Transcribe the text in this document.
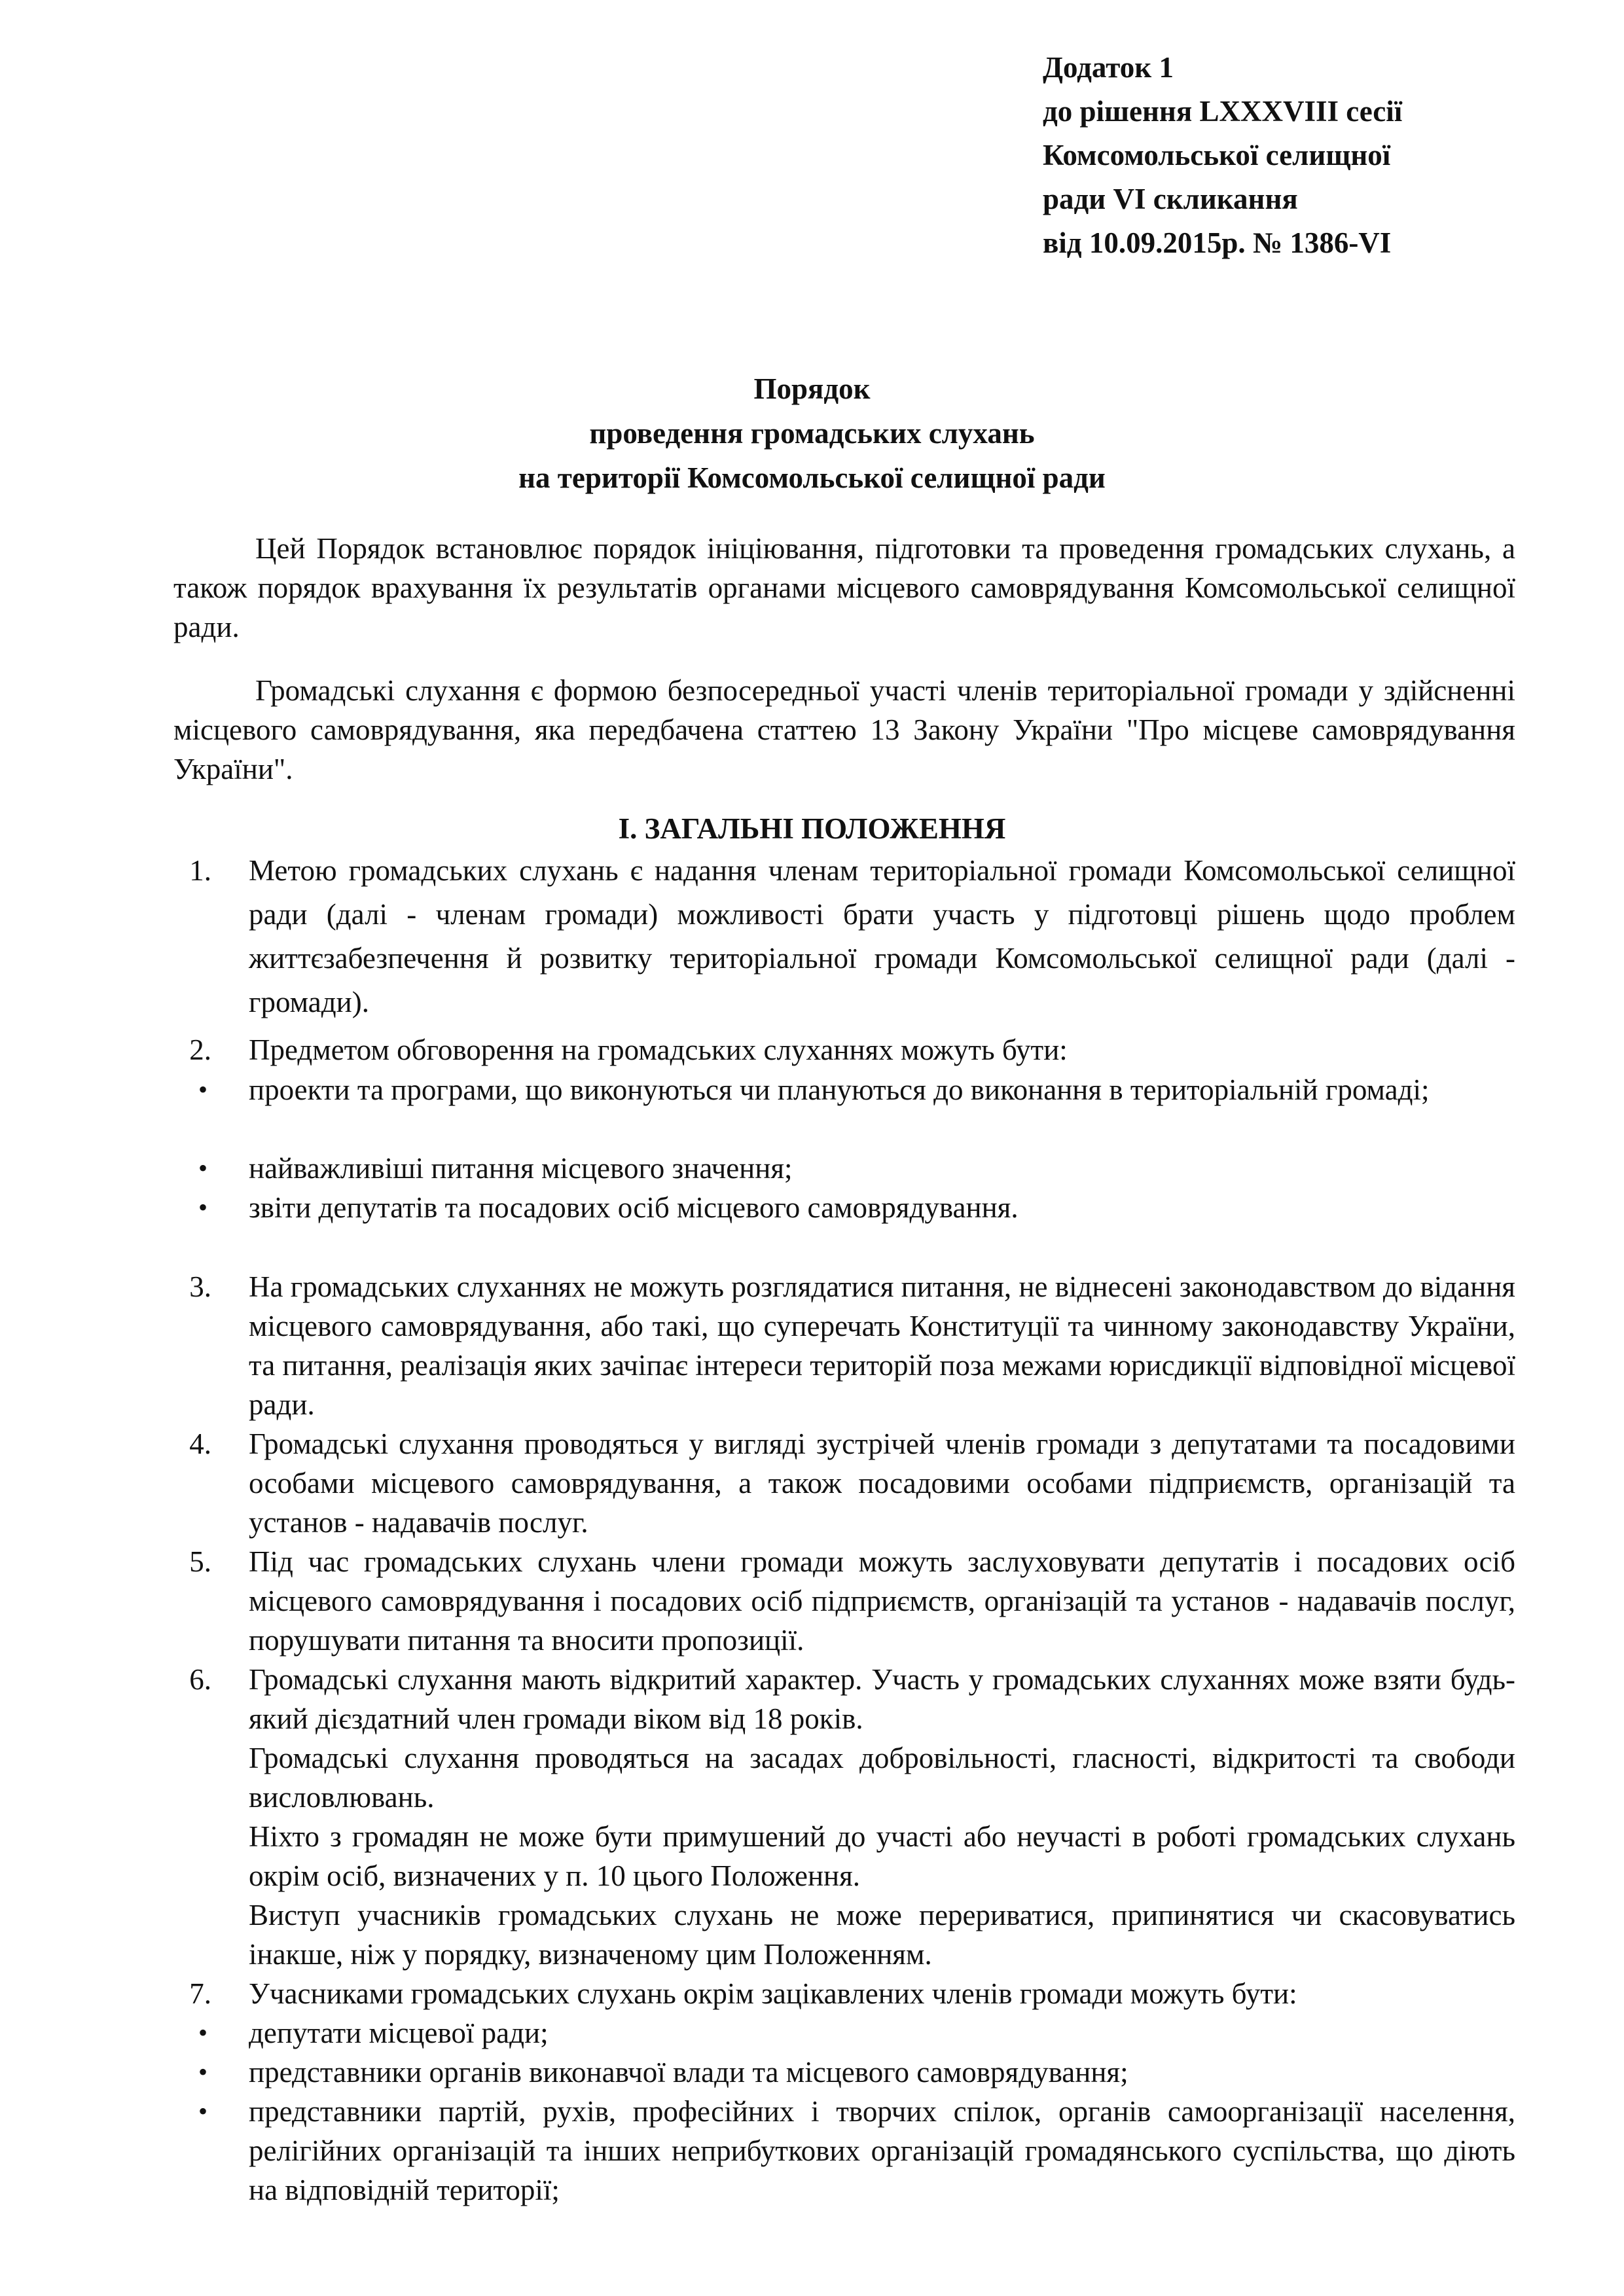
Додаток 1
до рішення LXXXVIII сесії
Комсомольської селищної
ради VI скликання
від 10.09.2015р. № 1386-VI
Порядок
проведення громадських слухань
на території Комсомольської селищної ради

Цей Порядок встановлює порядок ініціювання, підготовки та проведення громадських слухань, а також порядок врахування їх результатів органами місцевого самоврядування Комсомольської селищної ради.

Громадські слухання є формою безпосередньої участі членів територіальної громади у здійсненні місцевого самоврядування, яка передбачена статтею 13 Закону України "Про місцеве самоврядування України".

І. ЗАГАЛЬНІ ПОЛОЖЕННЯ
1. Метою громадських слухань є надання членам територіальної громади Комсомольської селищної ради (далі - членам громади) можливості брати участь у підготовці рішень щодо проблем життєзабезпечення й розвитку територіальної громади Комсомольської селищної ради (далі - громади).
2. Предметом обговорення на громадських слуханнях можуть бути:
• проекти та програми, що виконуються чи плануються до виконання в територіальній громаді;
• найважливіші питання місцевого значення;
• звіти депутатів та посадових осіб місцевого самоврядування.
3. На громадських слуханнях не можуть розглядатися питання, не віднесені законодавством до відання місцевого самоврядування, або такі, що суперечать Конституції та чинному законодавству України, та питання, реалізація яких зачіпає інтереси територій поза межами юрисдикції відповідної місцевої ради.
4. Громадські слухання проводяться у вигляді зустрічей членів громади з депутатами та посадовими особами місцевого самоврядування, а також посадовими особами підприємств, організацій та установ - надавачів послуг.
5. Під час громадських слухань члени громади можуть заслуховувати депутатів і посадових осіб місцевого самоврядування і посадових осіб підприємств, організацій та установ - надавачів послуг, порушувати питання та вносити пропозиції.
6. Громадські слухання мають відкритий характер. Участь у громадських слуханнях може взяти будь-який дієздатний член громади віком від 18 років.

Громадські слухання проводяться на засадах добровільності, гласності, відкритості та свободи висловлювань.

Ніхто з громадян не може бути примушений до участі або неучасті в роботі громадських слухань окрім осіб, визначених у п. 10 цього Положення.

Виступ учасників громадських слухань не може перериватися, припинятися чи скасовуватись інакше, ніж у порядку, визначеному цим Положенням.

7. Учасниками громадських слухань окрім зацікавлених членів громади можуть бути:
• депутати місцевої ради;
• представники органів виконавчої влади та місцевого самоврядування;
• представники партій, рухів, професійних і творчих спілок, органів самоорганізації населення, релігійних організацій та інших неприбуткових організацій громадянського суспільства, що діють на відповідній території;
